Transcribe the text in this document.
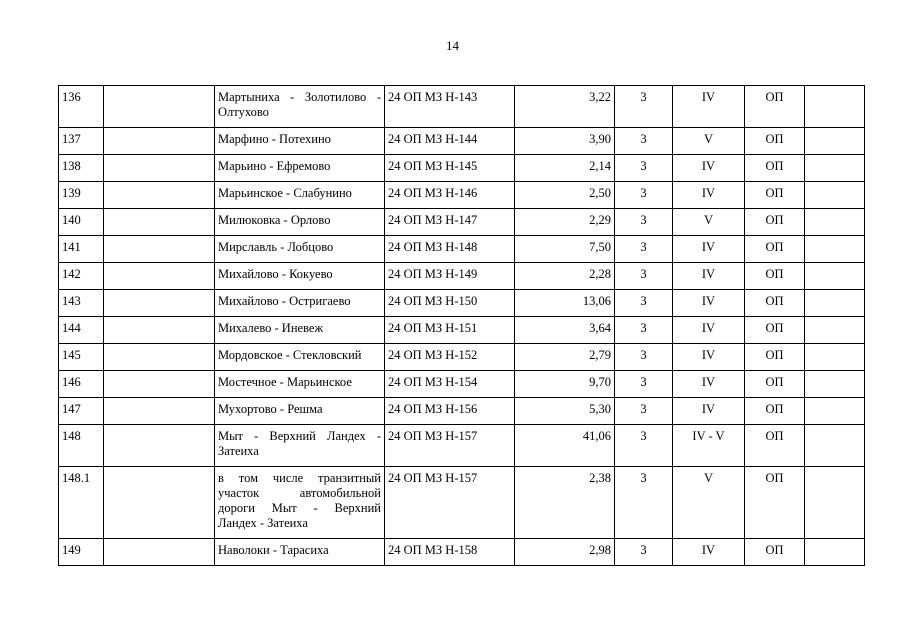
14
136		Мартыниха - Золотилово - Олтухово	24 ОП МЗ Н-143	3,22	3	IV	ОП	
137		Марфино - Потехино	24 ОП МЗ Н-144	3,90	3	V	ОП	
138		Марьино - Ефремово	24 ОП МЗ Н-145	2,14	3	IV	ОП	
139		Марьинское - Слабунино	24 ОП МЗ Н-146	2,50	3	IV	ОП	
140		Милюковка - Орлово	24 ОП МЗ Н-147	2,29	3	V	ОП	
141		Мирславль - Лобцово	24 ОП МЗ Н-148	7,50	3	IV	ОП	
142		Михайлово - Кокуево	24 ОП МЗ Н-149	2,28	3	IV	ОП	
143		Михайлово - Остригаево	24 ОП МЗ Н-150	13,06	3	IV	ОП	
144		Михалево - Иневеж	24 ОП МЗ Н-151	3,64	3	IV	ОП	
145		Мордовское - Стекловский	24 ОП МЗ Н-152	2,79	3	IV	ОП	
146		Мостечное - Марьинское	24 ОП МЗ Н-154	9,70	3	IV	ОП	
147		Мухортово - Решма	24 ОП МЗ Н-156	5,30	3	IV	ОП	
148		Мыт - Верхний Ландех - Затеиха	24 ОП МЗ Н-157	41,06	3	IV - V	ОП	
148.1		в том числе транзитный участок автомобильной дороги Мыт - Верхний Ландех - Затеиха	24 ОП МЗ Н-157	2,38	3	V	ОП	
149		Наволоки - Тарасиха	24 ОП МЗ Н-158	2,98	3	IV	ОП	
